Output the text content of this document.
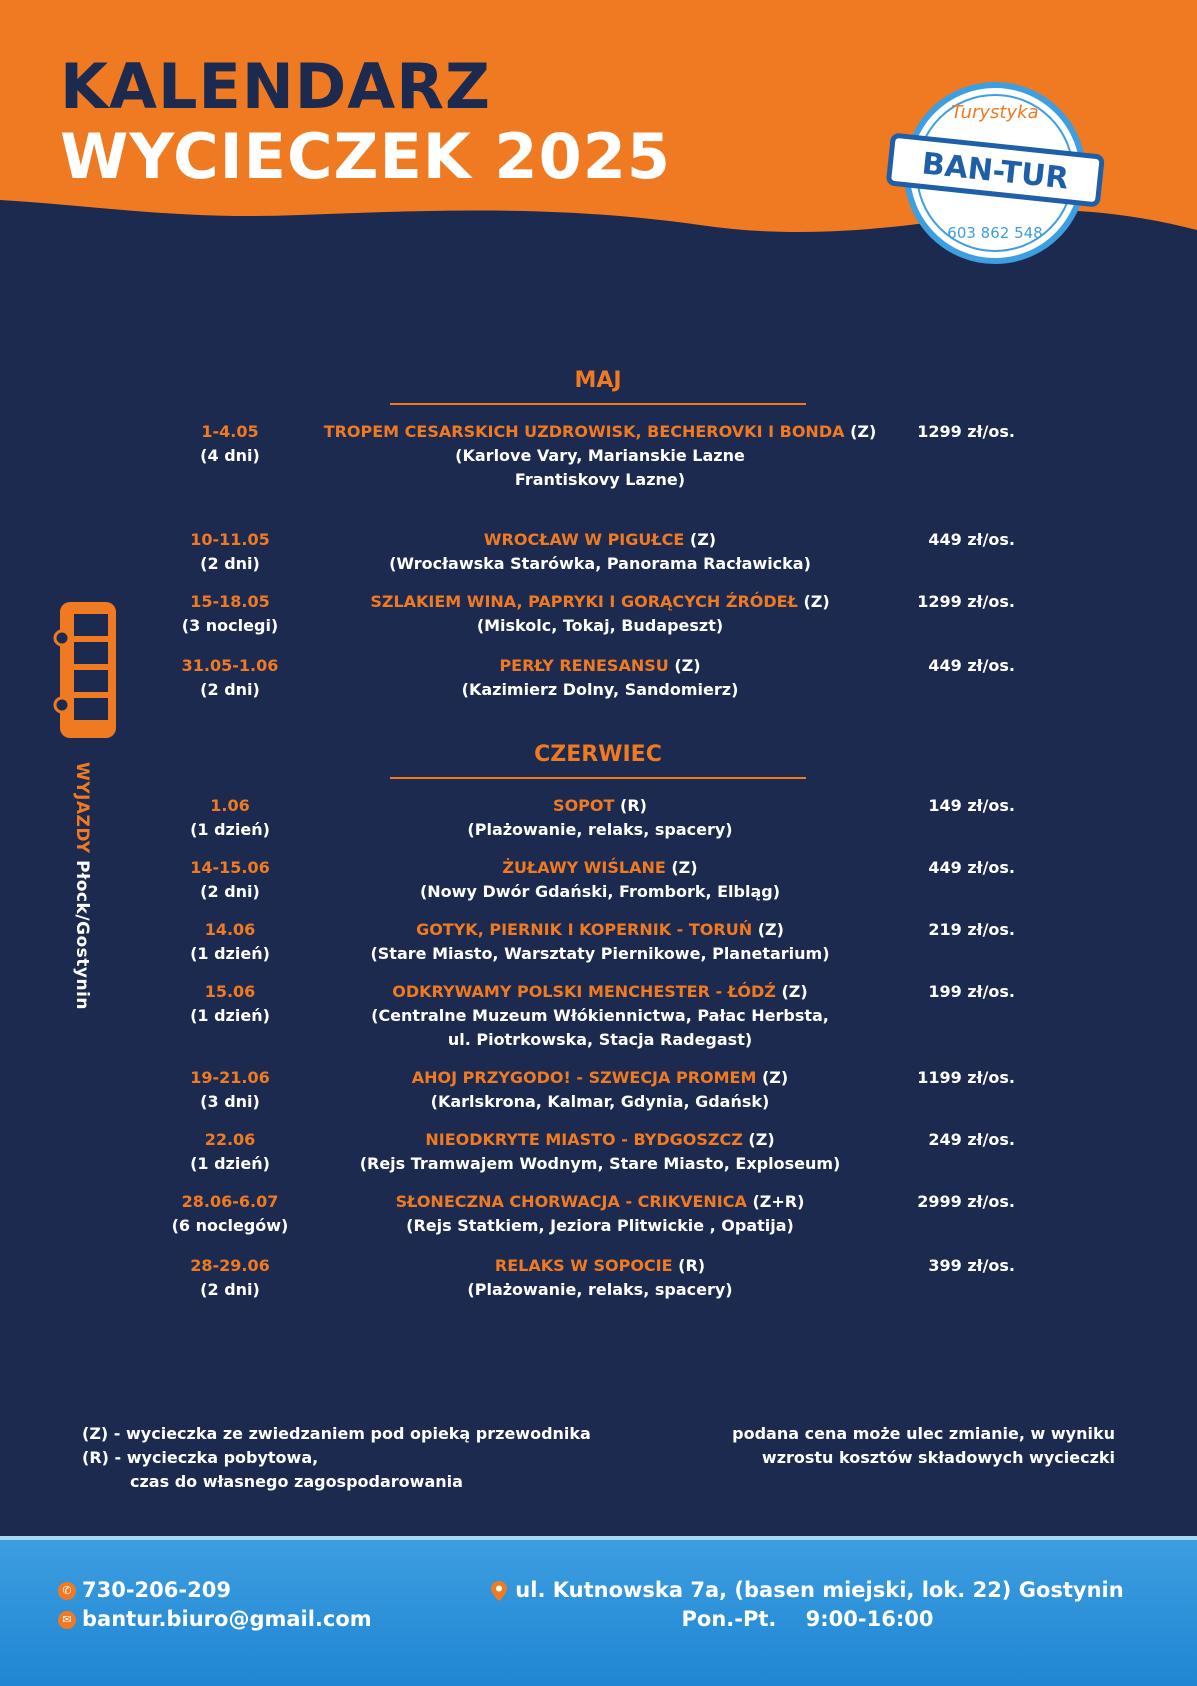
KALENDARZ
WYCIECZEK 2025
Turystyka
BAN-TUR
603 862 548
WYJAZDY Płock/Gostynin
MAJ
1-4.05
(4 dni)
TROPEM CESARSKICH UZDROWISK, BECHEROVKI I BONDA (Z)
(Karlove Vary, Marianskie Lazne
Frantiskovy Lazne)
1299 zł/os.
10-11.05
(2 dni)
WROCŁAW W PIGUŁCE (Z)
(Wrocławska Starówka, Panorama Racławicka)
449 zł/os.
15-18.05
(3 noclegi)
SZLAKIEM WINA, PAPRYKI I GORĄCYCH ŹRÓDEŁ (Z)
(Miskolc, Tokaj, Budapeszt)
1299 zł/os.
31.05-1.06
(2 dni)
PERŁY RENESANSU (Z)
(Kazimierz Dolny, Sandomierz)
449 zł/os.
CZERWIEC
1.06
(1 dzień)
SOPOT (R)
(Plażowanie, relaks, spacery)
149 zł/os.
14-15.06
(2 dni)
ŻUŁAWY WIŚLANE (Z)
(Nowy Dwór Gdański, Frombork, Elbląg)
449 zł/os.
14.06
(1 dzień)
GOTYK, PIERNIK I KOPERNIK - TORUŃ (Z)
(Stare Miasto, Warsztaty Piernikowe, Planetarium)
219 zł/os.
15.06
(1 dzień)
ODKRYWAMY POLSKI MENCHESTER - ŁÓDŹ (Z)
(Centralne Muzeum Włókiennictwa, Pałac Herbsta,
ul. Piotrkowska, Stacja Radegast)
199 zł/os.
19-21.06
(3 dni)
AHOJ PRZYGODO! - SZWECJA PROMEM (Z)
(Karlskrona, Kalmar, Gdynia, Gdańsk)
1199 zł/os.
22.06
(1 dzień)
NIEODKRYTE MIASTO - BYDGOSZCZ (Z)
(Rejs Tramwajem Wodnym, Stare Miasto, Exploseum)
249 zł/os.
28.06-6.07
(6 noclegów)
SŁONECZNA CHORWACJA - CRIKVENICA (Z+R)
(Rejs Statkiem, Jeziora Plitwickie , Opatija)
2999 zł/os.
28-29.06
(2 dni)
RELAKS W SOPOCIE (R)
(Plażowanie, relaks, spacery)
399 zł/os.
(Z) - wycieczka ze zwiedzaniem pod opieką przewodnika
(R) - wycieczka pobytowa,
czas do własnego zagospodarowania
podana cena może ulec zmianie, w wyniku
wzrostu kosztów składowych wycieczki
✆ 730-206-209
✉ bantur.biuro@gmail.com
ul. Kutnowska 7a, (basen miejski, lok. 22) Gostynin
Pon.-Pt.    9:00-16:00
